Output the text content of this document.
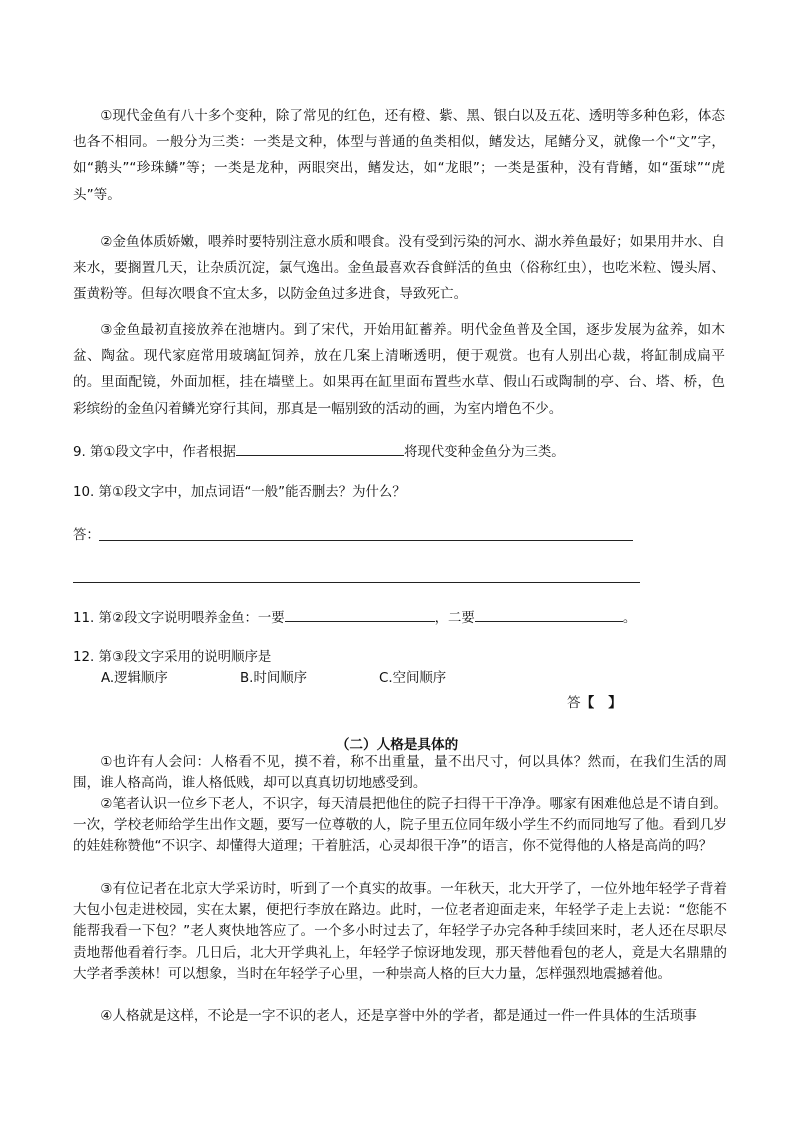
①现代金鱼有八十多个变种，除了常见的红色，还有橙、紫、黑、银白以及五花、透明等多种色彩，体态也各不相同。一般分为三类：一类是文种，体型与普通的鱼类相似，鳍发达，尾鳍分叉，就像一个“文”字，如“鹅头”“珍珠鳞”等；一类是龙种，两眼突出，鳍发达，如“龙眼”；一类是蛋种，没有背鳍，如“蛋球”“虎头”等。

②金鱼体质娇嫩，喂养时要特别注意水质和喂食。没有受到污染的河水、湖水养鱼最好；如果用井水、自来水，要搁置几天，让杂质沉淀，氯气逸出。金鱼最喜欢吞食鲜活的鱼虫（俗称红虫），也吃米粒、馒头屑、蛋黄粉等。但每次喂食不宜太多，以防金鱼过多进食，导致死亡。

③金鱼最初直接放养在池塘内。到了宋代，开始用缸蓄养。明代金鱼普及全国，逐步发展为盆养，如木盆、陶盆。现代家庭常用玻璃缸饲养，放在几案上清晰透明，便于观赏。也有人别出心裁，将缸制成扁平的。里面配镜，外面加框，挂在墙壁上。如果再在缸里面布置些水草、假山石或陶制的亭、台、塔、桥，色彩缤纷的金鱼闪着鳞光穿行其间，那真是一幅别致的活动的画，为室内增色不少。

9. 第①段文字中，作者根据	将现代变种金鱼分为三类。
10. 第①段文字中，加点词语“一般”能否删去？为什么？
答：
11. 第②段文字说明喂养金鱼：一要	，二要	。
12. 第③段文字采用的说明顺序是
A.逻辑顺序	B.时间顺序	C.空间顺序
答【 】

（二）人格是具体的

①也许有人会问：人格看不见，摸不着，称不出重量，量不出尺寸，何以具体？然而，在我们生活的周围，谁人格高尚，谁人格低贱，却可以真真切切地感受到。

②笔者认识一位乡下老人，不识字，每天清晨把他住的院子扫得干干净净。哪家有困难他总是不请自到。一次，学校老师给学生出作文题，要写一位尊敬的人，院子里五位同年级小学生不约而同地写了他。看到几岁的娃娃称赞他“不识字、却懂得大道理；干着脏活，心灵却很干净”的语言，你不觉得他的人格是高尚的吗？

③有位记者在北京大学采访时，听到了一个真实的故事。一年秋天，北大开学了，一位外地年轻学子背着大包小包走进校园，实在太累，便把行李放在路边。此时，一位老者迎面走来，年轻学子走上去说：“您能不能帮我看一下包？”老人爽快地答应了。一个多小时过去了，年轻学子办完各种手续回来时，老人还在尽职尽责地帮他看着行李。几日后，北大开学典礼上，年轻学子惊讶地发现，那天替他看包的老人，竟是大名鼎鼎的大学者季羡林！可以想象，当时在年轻学子心里，一种崇高人格的巨大力量，怎样强烈地震撼着他。

④人格就是这样，不论是一字不识的老人，还是享誉中外的学者，都是通过一件一件具体的生活琐事
